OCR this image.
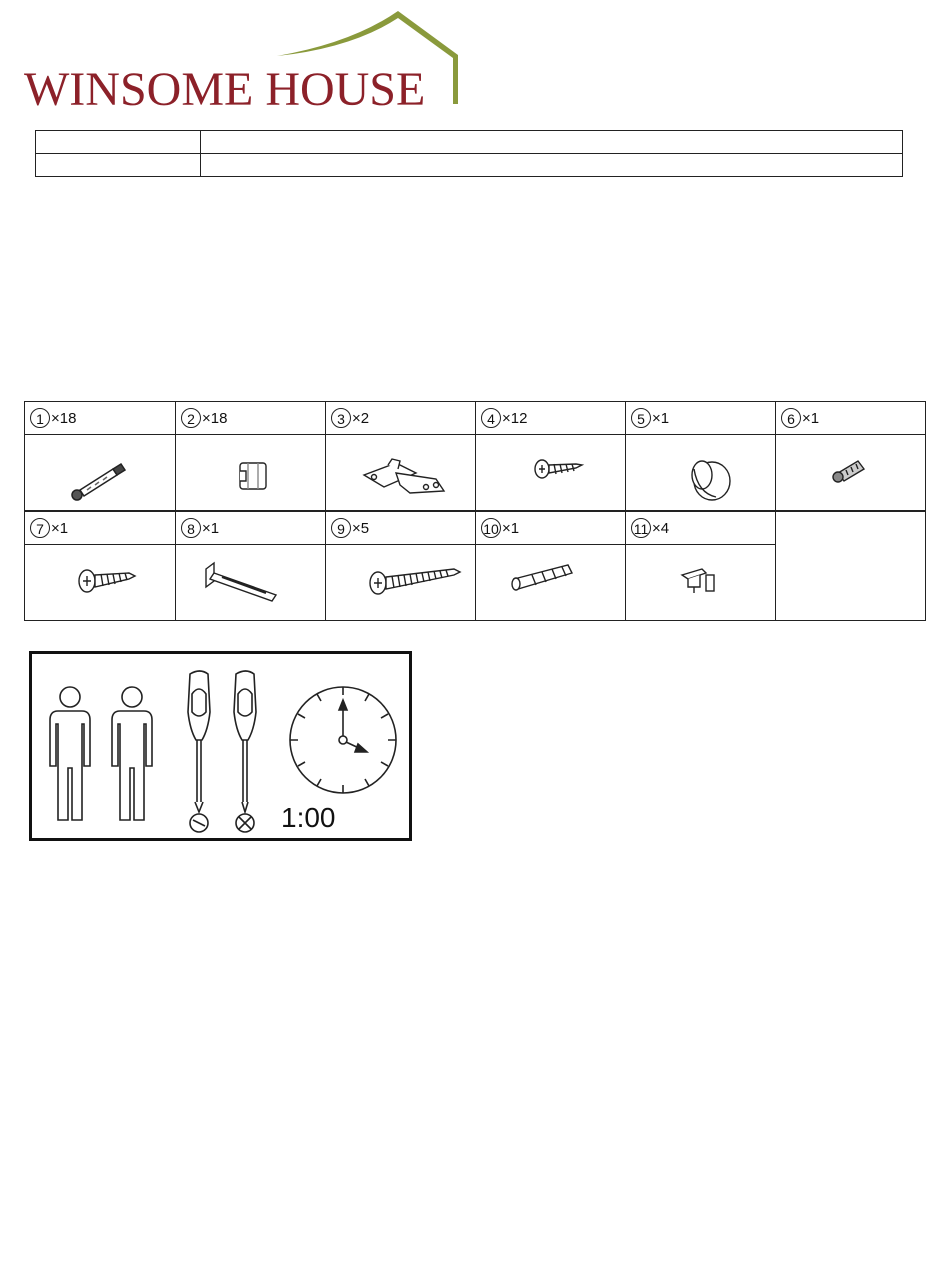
WINSOME HOUSE

1 ×18	2 ×18	3 ×2	4 ×12	5 ×1	6 ×1
7 ×1	8 ×1	9 ×5	10 ×1	11 ×4
1:00
